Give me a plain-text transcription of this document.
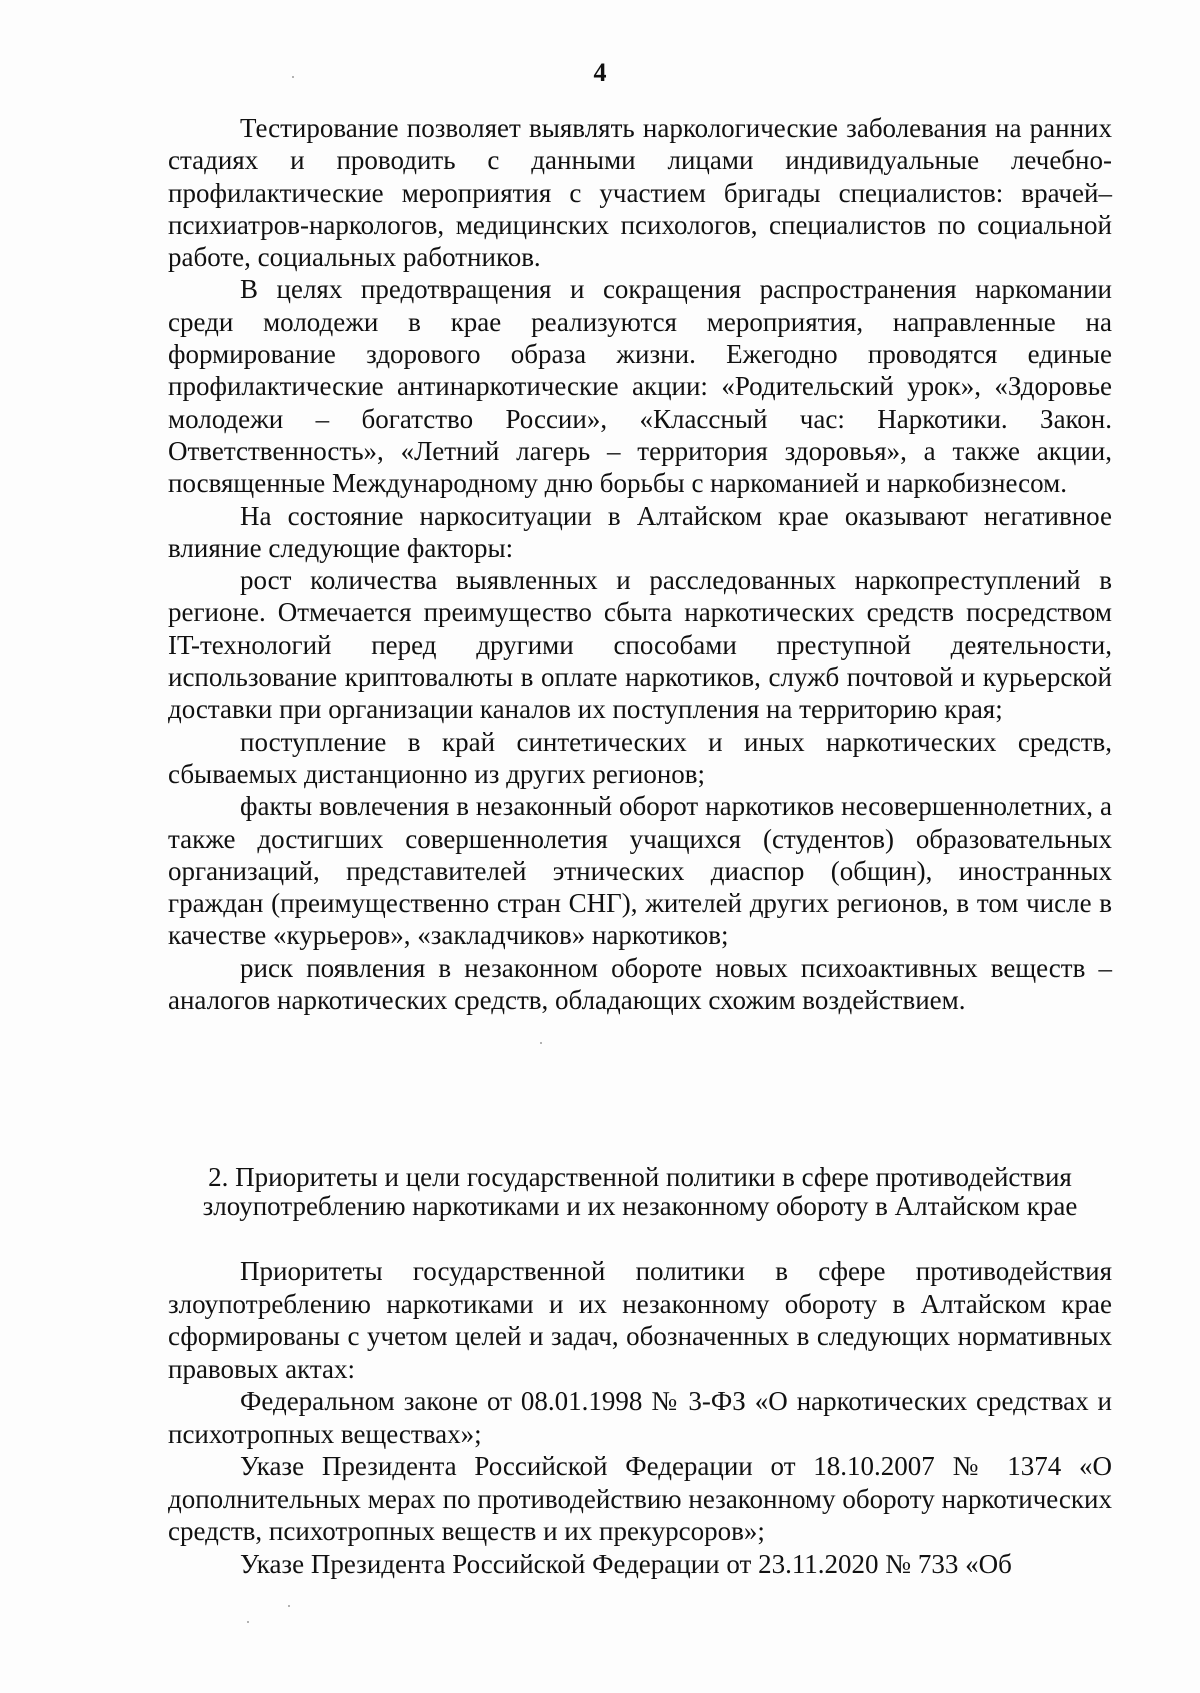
4

Тестирование позволяет выявлять наркологические заболевания на ранних стадиях и проводить с данными лицами индивидуальные лечебно-профилактические мероприятия с участием бригады специалистов: врачей–психиатров-наркологов, медицинских психологов, специалистов по социальной работе, социальных работников.

В целях предотвращения и сокращения распространения наркомании среди молодежи в крае реализуются мероприятия, направленные на формирование здорового образа жизни. Ежегодно проводятся единые профилактические антинаркотические акции: «Родительский урок», «Здоровье молодежи – богатство России», «Классный час: Наркотики. Закон. Ответственность», «Летний лагерь – территория здоровья», а также акции, посвященные Международному дню борьбы с наркоманией и наркобизнесом.

На состояние наркоситуации в Алтайском крае оказывают негативное влияние следующие факторы:

рост количества выявленных и расследованных наркопреступлений в регионе. Отмечается преимущество сбыта наркотических средств посредством IT-технологий перед другими способами преступной деятельности, использование криптовалюты в оплате наркотиков, служб почтовой и курьерской доставки при организации каналов их поступления на территорию края;

поступление в край синтетических и иных наркотических средств, сбываемых дистанционно из других регионов;

факты вовлечения в незаконный оборот наркотиков несовершеннолетних, а также достигших совершеннолетия учащихся (студентов) образовательных организаций, представителей этнических диаспор (общин), иностранных граждан (преимущественно стран СНГ), жителей других регионов, в том числе в качестве «курьеров», «закладчиков» наркотиков;

риск появления в незаконном обороте новых психоактивных веществ – аналогов наркотических средств, обладающих схожим воздействием.

2. Приоритеты и цели государственной политики в сфере противодействия
злоупотреблению наркотиками и их незаконному обороту в Алтайском крае

Приоритеты государственной политики в сфере противодействия злоупотреблению наркотиками и их незаконному обороту в Алтайском крае сформированы с учетом целей и задач, обозначенных в следующих нормативных правовых актах:

Федеральном законе от 08.01.1998 № 3-ФЗ «О наркотических средствах и психотропных веществах»;

Указе Президента Российской Федерации от 18.10.2007 № 1374 «О дополнительных мерах по противодействию незаконному обороту наркотических средств, психотропных веществ и их прекурсоров»;

Указе Президента Российской Федерации от 23.11.2020 № 733 «Об
